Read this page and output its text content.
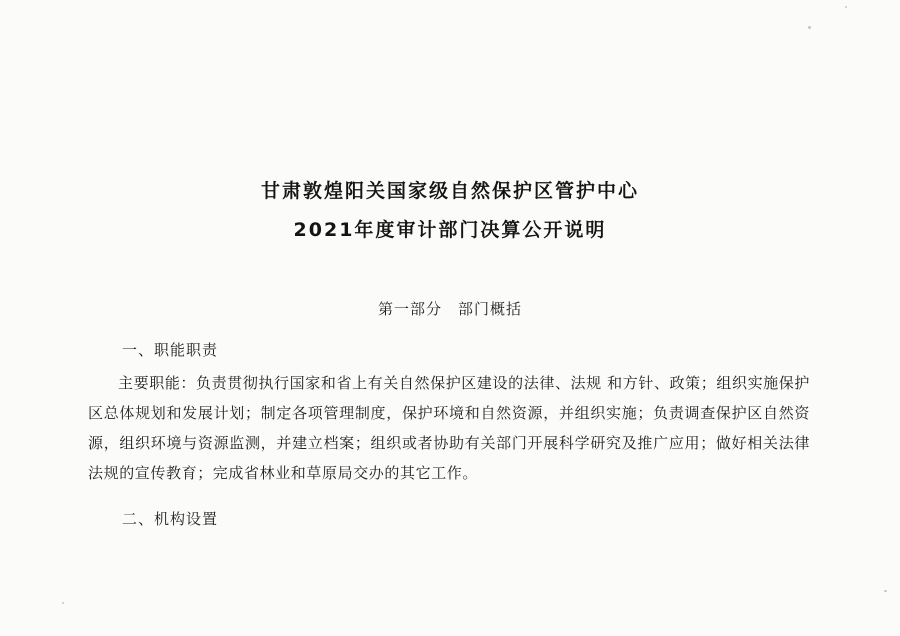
甘肃敦煌阳关国家级自然保护区管护中心
2021年度审计部门决算公开说明
第一部分　部门概括
一、职能职责

主要职能：负责贯彻执行国家和省上有关自然保护区建设的法律、法规 和方针、政策；组织实施保护区总体规划和发展计划；制定各项管理制度，保护环境和自然资源，并组织实施；负责调查保护区自然资源，组织环境与资源监测，并建立档案；组织或者协助有关部门开展科学研究及推广应用；做好相关法律法规的宣传教育；完成省林业和草原局交办的其它工作。

二、机构设置
